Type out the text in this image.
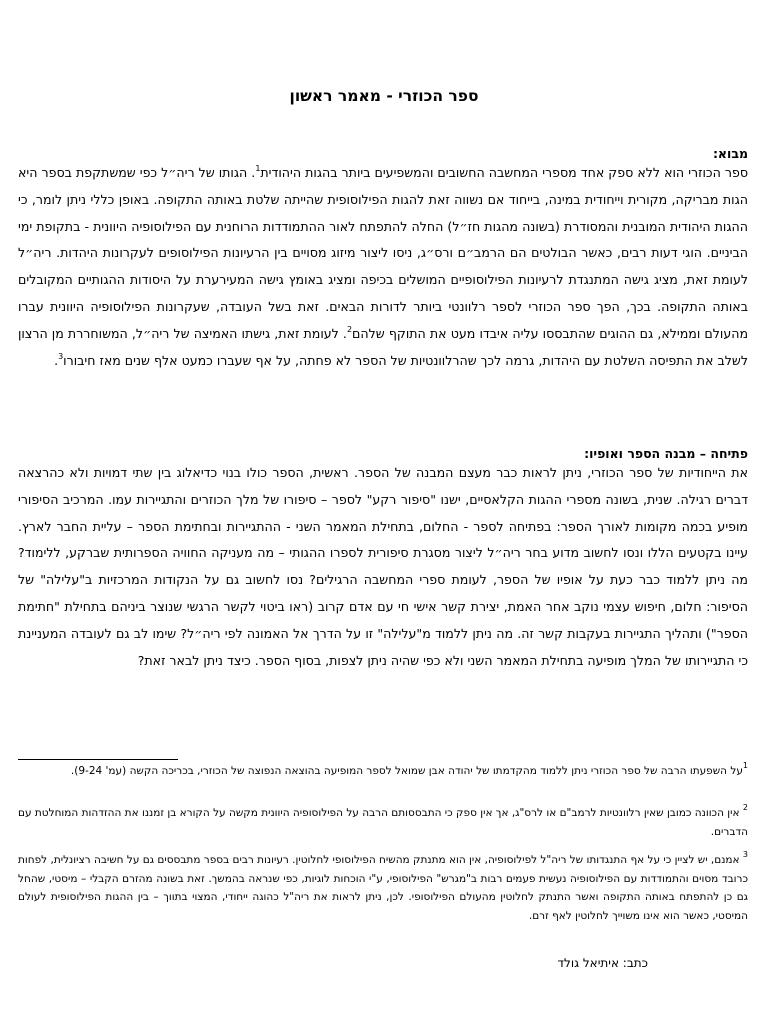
ספר הכוזרי - מאמר ראשון
מבוא:

ספר הכוזרי הוא ללא ספק אחד מספרי המחשבה החשובים והמשפיעים ביותר בהגות היהודית$^1$. הגותו של ריה״ל כפי שמשתקפת בספר היא הגות מבריקה, מקורית וייחודית במינה, בייחוד אם נשווה זאת להגות הפילוסופית שהייתה שלטת באותה התקופה. באופן כללי ניתן לומר, כי ההגות היהודית המובנית והמסודרת (בשונה מהגות חז״ל) החלה להתפתח לאור ההתמודדות הרוחנית עם הפילוסופיה היוונית - בתקופת ימי הביניים. הוגי דעות רבים, כאשר הבולטים הם הרמב״ם ורס״ג, ניסו ליצור מיזוג מסויים בין הרעיונות הפילוסופים לעקרונות היהדות. ריה״ל לעומת זאת, מציג גישה המתנגדת לרעיונות הפילוסופיים המושלים בכיפה ומציג באומץ גישה המעירערת על היסודות ההגותיים המקובלים באותה התקופה. בכך, הפך ספר הכוזרי לספר רלוונטי ביותר לדורות הבאים. זאת בשל העובדה, שעקרונות הפילוסופיה היוונית עברו מהעולם וממילא, גם ההוגים שהתבססו עליה איבדו מעט את התוקף שלהם$^2$. לעומת זאת, גישתו האמיצה של ריה״ל, המשוחררת מן הרצון לשלב את התפיסה השלטת עם היהדות, גרמה לכך שהרלוונטיות של הספר לא פחתה, על אף שעברו כמעט אלף שנים מאז חיבורו$^3$.

פתיחה – מבנה הספר ואופיו:

את הייחודיות של ספר הכוזרי, ניתן לראות כבר מעצם המבנה של הספר. ראשית, הספר כולו בנוי כדיאלוג בין שתי דמויות ולא כהרצאה דברים רגילה. שנית, בשונה מספרי ההגות הקלאסיים, ישנו "סיפור רקע" לספר – סיפורו של מלך הכוזרים והתגיירות עמו. המרכיב הסיפורי מופיע בכמה מקומות לאורך הספר: בפתיחה לספר - החלום, בתחילת המאמר השני - ההתגיירות ובחתימת הספר – עליית החבר לארץ. עיינו בקטעים הללו ונסו לחשוב מדוע בחר ריה״ל ליצור מסגרת סיפורית לספרו ההגותי – מה מעניקה החוויה הספרותית שברקע, ללימוד? מה ניתן ללמוד כבר כעת על אופיו של הספר, לעומת ספרי המחשבה הרגילים? נסו לחשוב גם על הנקודות המרכזיות ב"עלילה" של הסיפור: חלום, חיפוש עצמי נוקב אחר האמת, יצירת קשר אישי חי עם אדם קרוב (ראו ביטוי לקשר הרגשי שנוצר ביניהם בתחילת "חתימת הספר") ותהליך התגיירות בעקבות קשר זה. מה ניתן ללמוד מ"עלילה" זו על הדרך אל האמונה לפי ריה״ל? שימו לב גם לעובדה המעניינת כי התגיירותו של המלך מופיעה בתחילת המאמר השני ולא כפי שהיה ניתן לצפות, בסוף הספר. כיצד ניתן לבאר זאת?

$^1$על השפעתו הרבה של ספר הכוזרי ניתן ללמוד מהקדמתו של יהודה אבן שמואל לספר המופיעה בהוצאה הנפוצה של הכוזרי, בכריכה הקשה (עמ' 9-24).

$^2$ אין הכוונה כמובן שאין רלוונטיות לרמב"ם או לרס"ג, אך אין ספק כי התבססותם הרבה על הפילוסופיה היוונית מקשה על הקורא בן זמננו את ההזדהות המוחלטת עם הדברים.

$^3$ אמנם, יש לציין כי על אף התנגדותו של ריה"ל לפילוסופיה, אין הוא מתנתק מהשיח הפילוסופי לחלוטין. רעיונות רבים בספר מתבססים גם על חשיבה רציונלית, לפחות כרובד מסוים והתמודדות עם הפילוסופיה נעשית פעמים רבות ב"מגרש" הפילוסופי, ע"י הוכחות לוגיות, כפי שנראה בהמשך. זאת בשונה מהזרם הקבלי – מיסטי, שהחל גם כן להתפתח באותה התקופה ואשר התנתק לחלוטין מהעולם הפילוסופי. לכן, ניתן לראות את ריה"ל כהוגה ייחודי, המצוי בתווך – בין ההגות הפילוסופית לעולם המיסטי, כאשר הוא אינו משוייך לחלוטין לאף זרם.

כתב: איתיאל גולד
